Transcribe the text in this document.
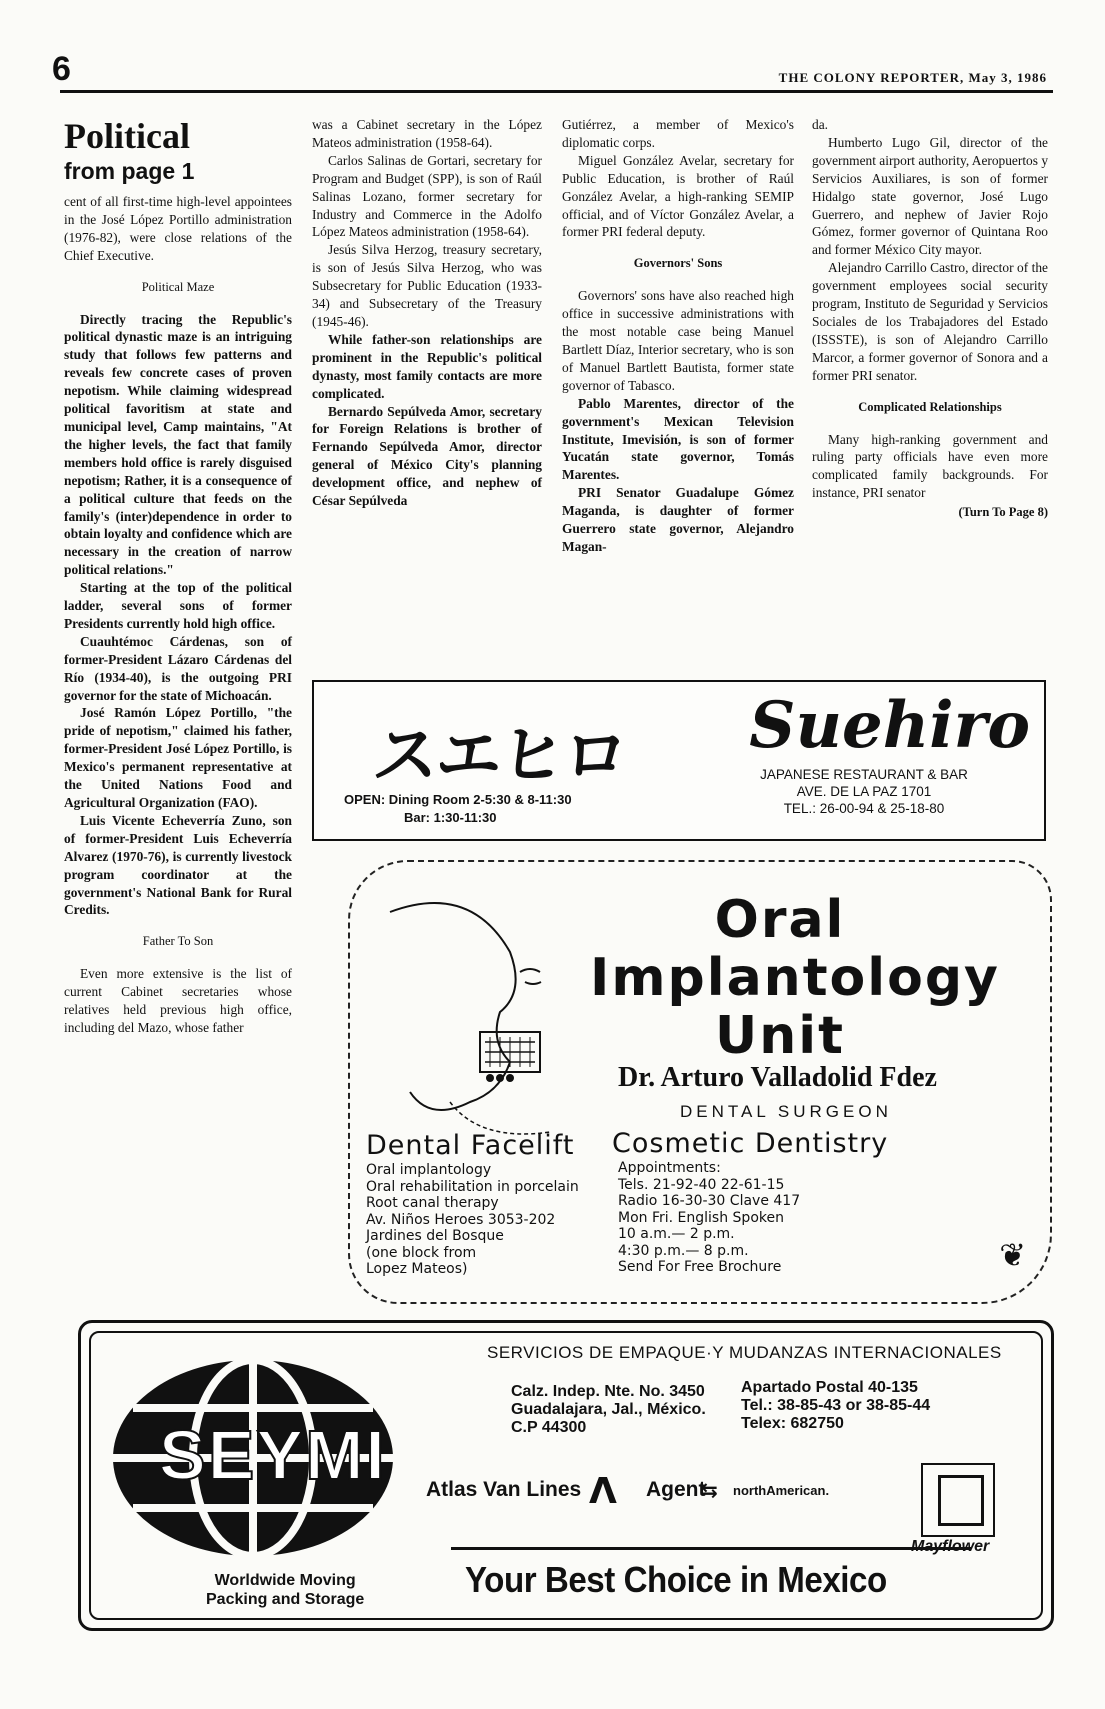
6	THE COLONY REPORTER, May 3, 1986
Political
from page 1

cent of all first-time high-level appointees in the José López Portillo administration (1976-82), were close relations of the Chief Executive.

Political Maze

Directly tracing the Republic's political dynastic maze is an intriguing study that follows few patterns and reveals few concrete cases of proven nepotism. While claiming widespread political favoritism at state and municipal level, Camp maintains, "At the higher levels, the fact that family members hold office is rarely disguised nepotism; Rather, it is a consequence of a political culture that feeds on the family's (inter)dependence in order to obtain loyalty and confidence which are necessary in the creation of narrow political relations."

Starting at the top of the political ladder, several sons of former Presidents currently hold high office.

Cuauhtémoc Cárdenas, son of former-President Lázaro Cárdenas del Río (1934-40), is the outgoing PRI governor for the state of Michoacán.

José Ramón López Portillo, "the pride of nepotism," claimed his father, former-President José López Portillo, is Mexico's permanent representative at the United Nations Food and Agricultural Organization (FAO).

Luis Vicente Echeverría Zuno, son of former-President Luis Echeverría Alvarez (1970-76), is currently livestock program coordinator at the government's National Bank for Rural Credits.

Father To Son

Even more extensive is the list of current Cabinet secretaries whose relatives held previous high office, including del Mazo, whose father

was a Cabinet secretary in the López Mateos administration (1958-64).

Carlos Salinas de Gortari, secretary for Program and Budget (SPP), is son of Raúl Salinas Lozano, former secretary for Industry and Commerce in the Adolfo López Mateos administration (1958-64).

Jesús Silva Herzog, treasury secretary, is son of Jesús Silva Herzog, who was Subsecretary for Public Education (1933-34) and Subsecretary of the Treasury (1945-46).

While father-son relationships are prominent in the Republic's political dynasty, most family contacts are more complicated.

Bernardo Sepúlveda Amor, secretary for Foreign Relations is brother of Fernando Sepúlveda Amor, director general of México City's planning development office, and nephew of César Sepúlveda

Gutiérrez, a member of Mexico's diplomatic corps.

Miguel González Avelar, secretary for Public Education, is brother of Raúl González Avelar, a high-ranking SEMIP official, and of Víctor González Avelar, a former PRI federal deputy.

Governors' Sons

Governors' sons have also reached high office in successive administrations with the most notable case being Manuel Bartlett Díaz, Interior secretary, who is son of Manuel Bartlett Bautista, former state governor of Tabasco.

Pablo Marentes, director of the government's Mexican Television Institute, Imevisión, is son of former Yucatán state governor, Tomás Marentes.

PRI Senator Guadalupe Gómez Maganda, is daughter of former Guerrero state governor, Alejandro Magan-

da.

Humberto Lugo Gil, director of the government airport authority, Aeropuertos y Servicios Auxiliares, is son of former Hidalgo state governor, José Lugo Guerrero, and nephew of Javier Rojo Gómez, former governor of Quintana Roo and former México City mayor.

Alejandro Carrillo Castro, director of the government employees social security program, Instituto de Seguridad y Servicios Sociales de los Trabajadores del Estado (ISSSTE), is son of Alejandro Carrillo Marcor, a former governor of Sonora and a former PRI senator.

Complicated Relationships

Many high-ranking government and ruling party officials have even more complicated family backgrounds. For instance, PRI senator

(Turn To Page 8)
スエヒロ Suehiro
JAPANESE RESTAURANT & BAR
AVE. DE LA PAZ 1701
TEL.: 26-00-94 & 25-18-80
OPEN: Dining Room 2-5:30 & 8-11:30
Bar: 1:30-11:30
Oral
Implantology
Unit
Dr. Arturo Valladolid Fdez
DENTAL SURGEON
Dental Facelift Cosmetic Dentistry
Oral implantology
Oral rehabilitation in porcelain
Root canal therapy
Av. Niños Heroes 3053-202
Jardines del Bosque
(one block from
Lopez Mateos)
Appointments:
Tels. 21-92-40 22-61-15
Radio 16-30-30 Clave 417
Mon Fri. English Spoken
10 a.m.— 2 p.m.
4:30 p.m.— 8 p.m.
Send For Free Brochure	❦
SEYMI
Worldwide Moving
Packing and Storage
SERVICIOS DE EMPAQUE·Y MUDANZAS INTERNACIONALES
Calz. Indep. Nte. No. 3450
Guadalajara, Jal., México.
C.P 44300
Apartado Postal 40-135
Tel.: 38-85-43 or 38-85-44
Telex: 682750
Atlas Van Lines Λ Agent
⇆ northAmerican.
Mayflower
Your Best Choice in Mexico
